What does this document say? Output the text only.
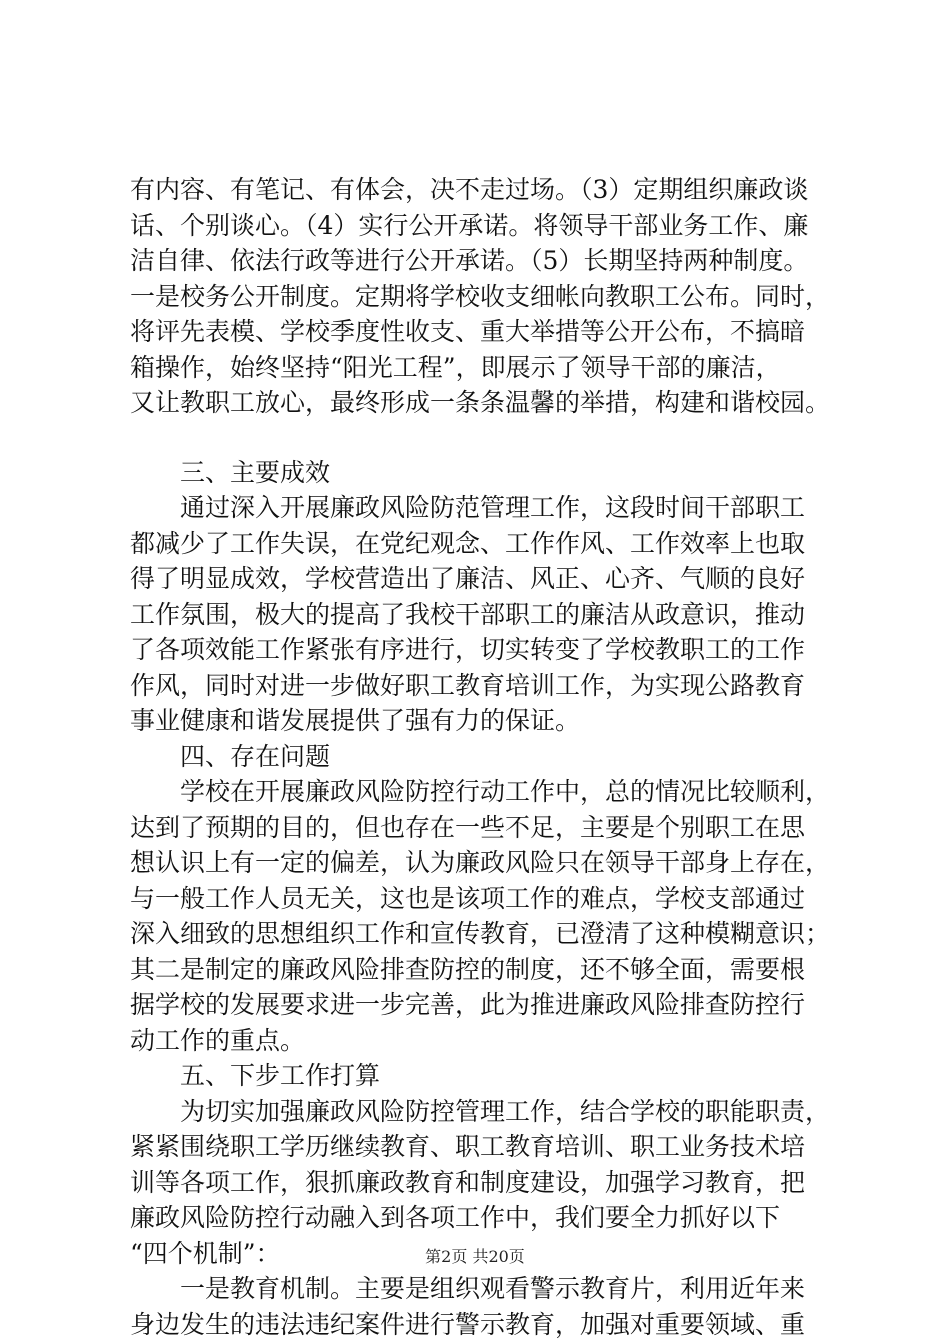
有内容、有笔记、有体会，决不走过场。（3）定期组织廉政谈
话、个别谈心。（4）实行公开承诺。将领导干部业务工作、廉
洁自律、依法行政等进行公开承诺。（5）长期坚持两种制度。
一是校务公开制度。定期将学校收支细帐向教职工公布。同时，
将评先表模、学校季度性收支、重大举措等公开公布，不搞暗
箱操作，始终坚持“阳光工程”，即展示了领导干部的廉洁，
又让教职工放心，最终形成一条条温馨的举措，构建和谐校园。
三、主要成效
通过深入开展廉政风险防范管理工作，这段时间干部职工
都减少了工作失误，在党纪观念、工作作风、工作效率上也取
得了明显成效，学校营造出了廉洁、风正、心齐、气顺的良好
工作氛围，极大的提高了我校干部职工的廉洁从政意识，推动
了各项效能工作紧张有序进行，切实转变了学校教职工的工作
作风，同时对进一步做好职工教育培训工作，为实现公路教育
事业健康和谐发展提供了强有力的保证。
四、存在问题
学校在开展廉政风险防控行动工作中，总的情况比较顺利，
达到了预期的目的，但也存在一些不足，主要是个别职工在思
想认识上有一定的偏差，认为廉政风险只在领导干部身上存在，
与一般工作人员无关，这也是该项工作的难点，学校支部通过
深入细致的思想组织工作和宣传教育，已澄清了这种模糊意识；
其二是制定的廉政风险排查防控的制度，还不够全面，需要根
据学校的发展要求进一步完善，此为推进廉政风险排查防控行
动工作的重点。
五、下步工作打算
为切实加强廉政风险防控管理工作，结合学校的职能职责，
紧紧围绕职工学历继续教育、职工教育培训、职工业务技术培
训等各项工作，狠抓廉政教育和制度建设，加强学习教育，把
廉政风险防控行动融入到各项工作中，我们要全力抓好以下
“四个机制”：
一是教育机制。主要是组织观看警示教育片，利用近年来
身边发生的违法违纪案件进行警示教育，加强对重要领域、重
第2页 共20页
